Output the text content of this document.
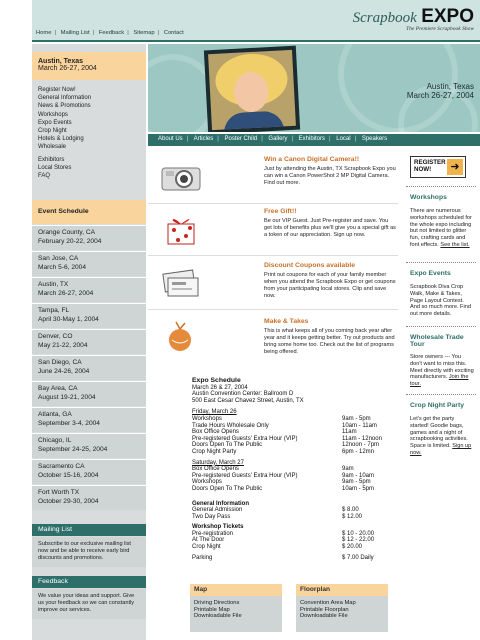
Home | Mailing List | Feedback | Sitemap | Contact
Scrapbook EXPO
The Premiere Scrapbook Show
Austin, Texas
March 26-27, 2004
Register Now!
General Information
News & Promotions
Workshops
Expo Events
Crop Night
Hotels & Lodging
Wholesale
Exhibitors
Local Stores
FAQ
Event Schedule
Orange County, CA
February 20-22, 2004
San Jose, CA
March 5-6, 2004
Austin, TX
March 26-27, 2004
Tampa, FL
April 30-May 1, 2004
Denver, CO
May 21-22, 2004
San Diego, CA
June 24-26, 2004
Bay Area, CA
August 19-21, 2004
Atlanta, GA
September 3-4, 2004
Chicago, IL
September 24-25, 2004
Sacramento CA
October 15-16, 2004
Fort Worth TX
October 29-30, 2004
Mailing List
Subscribe to our exclusive mailing list now and be able to receive early bird discounts and promotions.
Feedback
We value your ideas and support. Give us your feedback so we can constantly improve our services.
Austin, Texas
March 26-27, 2004
About Us | Articles | Poster Child | Gallery | Exhibitors | Local | Speakers
Win a Canon Digital Camera!!
Just by attending the Austin, TX Scrapbook Expo you can win a Canon PowerShot 2 MP Digital Camera. Find out more.
Free Gift!!
Be our VIP Guest. Just Pre-register and save. You get lots of benefits plus we'll give you a special gift as a token of our appreciation. Sign up now.
Discount Coupons available
Print out coupons for each of your family member when you attend the Scrapbook Expo or get coupons from your participating local stores. Clip and save now.
Make & Takes
This is what keeps all of you coming back year after year and it keeps getting better. Try out products and bring some home too. Check out the list of programs being offered.
Expo Schedule
March 26 & 27, 2004
Austin Convention Center: Ballroom D
500 East Cesar Chavez Street, Austin, TX
Friday, March 26
Workshops	9am - 5pm
Trade Hours Wholesale Only	10am - 11am
Box Office Opens	11am
Pre-registered Guests' Extra Hour (VIP)	11am - 12noon
Doors Open To The Public	12noon - 7pm
Crop Night Party	6pm - 12mn
Saturday, March 27
Box Office Opens	9am
Pre-registered Guests' Extra Hour (VIP)	9am - 10am
Workshops	9am - 5pm
Doors Open To The Public	10am - 5pm
General Information
General Admission	$ 8.00
Two Day Pass	$ 12.00
Workshop Tickets
Pre-registration	$ 10 - 20.00
At The Door	$ 12 - 22.00
Crop Night	$ 20.00
Parking	$ 7.00 Daily
Map
Driving Directions
Printable Map
Downloadable File
Floorplan
Convention Area Map
Printable Floorplan
Downloadable File
REGISTER NOW!	➜
Workshops
There are numerous workshops scheduled for the whole expo including but not limited to glitter fun, crafting cards and font effects. See the list.
Expo Events
Scrapbook Diva Crop Walk, Make & Takes, Page Layout Contest. And so much more. Find out more details.
Wholesale Trade Tour
Store owners --- You don't want to miss this. Meet directly with exciting manufacturers. Join the tour.
Crop Night Party
Let's get the party started! Goodie bags, games and a night of scrapbooking activities. Space is limited. Sign up now.
